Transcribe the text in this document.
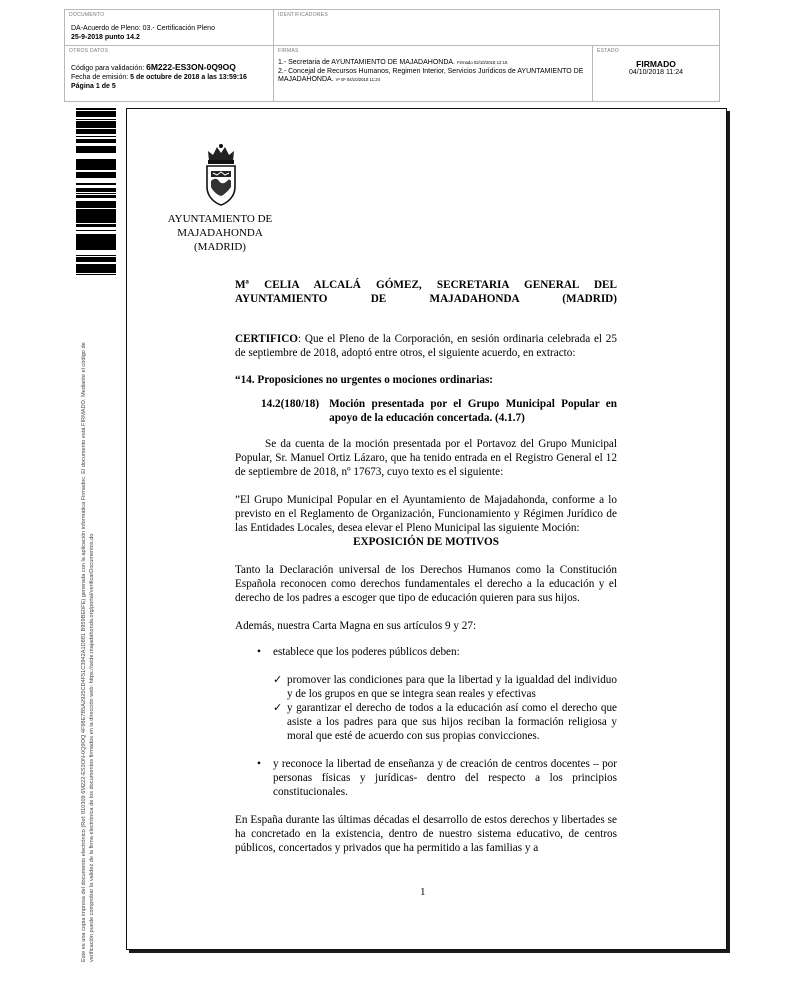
DOCUMENTO
DA-Acuerdo de Pleno: 03.- Certificación Pleno
25-9-2018 punto 14.2
IDENTIFICADORES
OTROS DATOS
Código para validación: 6M222-ES3ON-0Q9OQ
Fecha de emisión: 5 de octubre de 2018 a las 13:59:16
Página 1 de 5
FIRMAS
1.- Secretaria de AYUNTAMIENTO DE MAJADAHONDA. Firmado 02/10/2018 12:15
2.- Concejal de Recursos Humanos, Regimen Interior, Servicios Jurídicos de AYUNTAMIENTO DE
MAJADAHONDA. Vº Bº 04/10/2018 11:24
ESTADO
FIRMADO
04/10/2018 11:24
Este es una copia impresa del documento electrónico (Ref: 810309 6M222-ES3ON-0Q9OQ 4F98E7B5A2925CD4F51C3942A1D881 B959BE0FE) generada con la aplicación informática Firmadoc. El documento está FIRMADO. Mediante el código de verificación puede comprobar la validez de la firma electrónica de los documentos firmados en la dirección web: https://sede.majadahonda.org/portal/verificarDocumentos.do
AYUNTAMIENTO DE
MAJADAHONDA
(MADRID)

Mª CELIA ALCALÁ GÓMEZ, SECRETARIA GENERAL DEL AYUNTAMIENTO DE MAJADAHONDA (MADRID)

CERTIFICO: Que el Pleno de la Corporación, en sesión ordinaria celebrada el 25 de septiembre de 2018, adoptó entre otros, el siguiente acuerdo, en extracto:

“14. Proposiciones no urgentes o mociones ordinarias:

14.2(180/18) Moción presentada por el Grupo Municipal Popular en apoyo de la educación concertada. (4.1.7)

Se da cuenta de la moción presentada por el Portavoz del Grupo Municipal Popular, Sr. Manuel Ortiz Lázaro, que ha tenido entrada en el Registro General el 12 de septiembre de 2018, nº 17673, cuyo texto es el siguiente:

”El Grupo Municipal Popular en el Ayuntamiento de Majadahonda, conforme a lo previsto en el Reglamento de Organización, Funcionamiento y Régimen Jurídico de las Entidades Locales, desea elevar el Pleno Municipal las siguiente Moción:

EXPOSICIÓN DE MOTIVOS

Tanto la Declaración universal de los Derechos Humanos como la Constitución Española reconocen como derechos fundamentales el derecho a la educación y el derecho de los padres a escoger que tipo de educación quieren para sus hijos.

Además, nuestra Carta Magna en sus artículos 9 y 27:

•	establece que los poderes públicos deben:
✓ promover las condiciones para que la libertad y la igualdad del individuo y de los grupos en que se integra sean reales y efectivas
✓ y garantizar el derecho de todos a la educación así como el derecho que asiste a los padres para que sus hijos reciban la formación religiosa y moral que esté de acuerdo con sus propias convicciones.
•	y reconoce la libertad de enseñanza y de creación de centros docentes – por personas físicas y jurídicas- dentro del respecto a los principios constitucionales.

En España durante las últimas décadas el desarrollo de estos derechos y libertades se ha concretado en la existencia, dentro de nuestro sistema educativo, de centros públicos, concertados y privados que ha permitido a las familias y a

1
